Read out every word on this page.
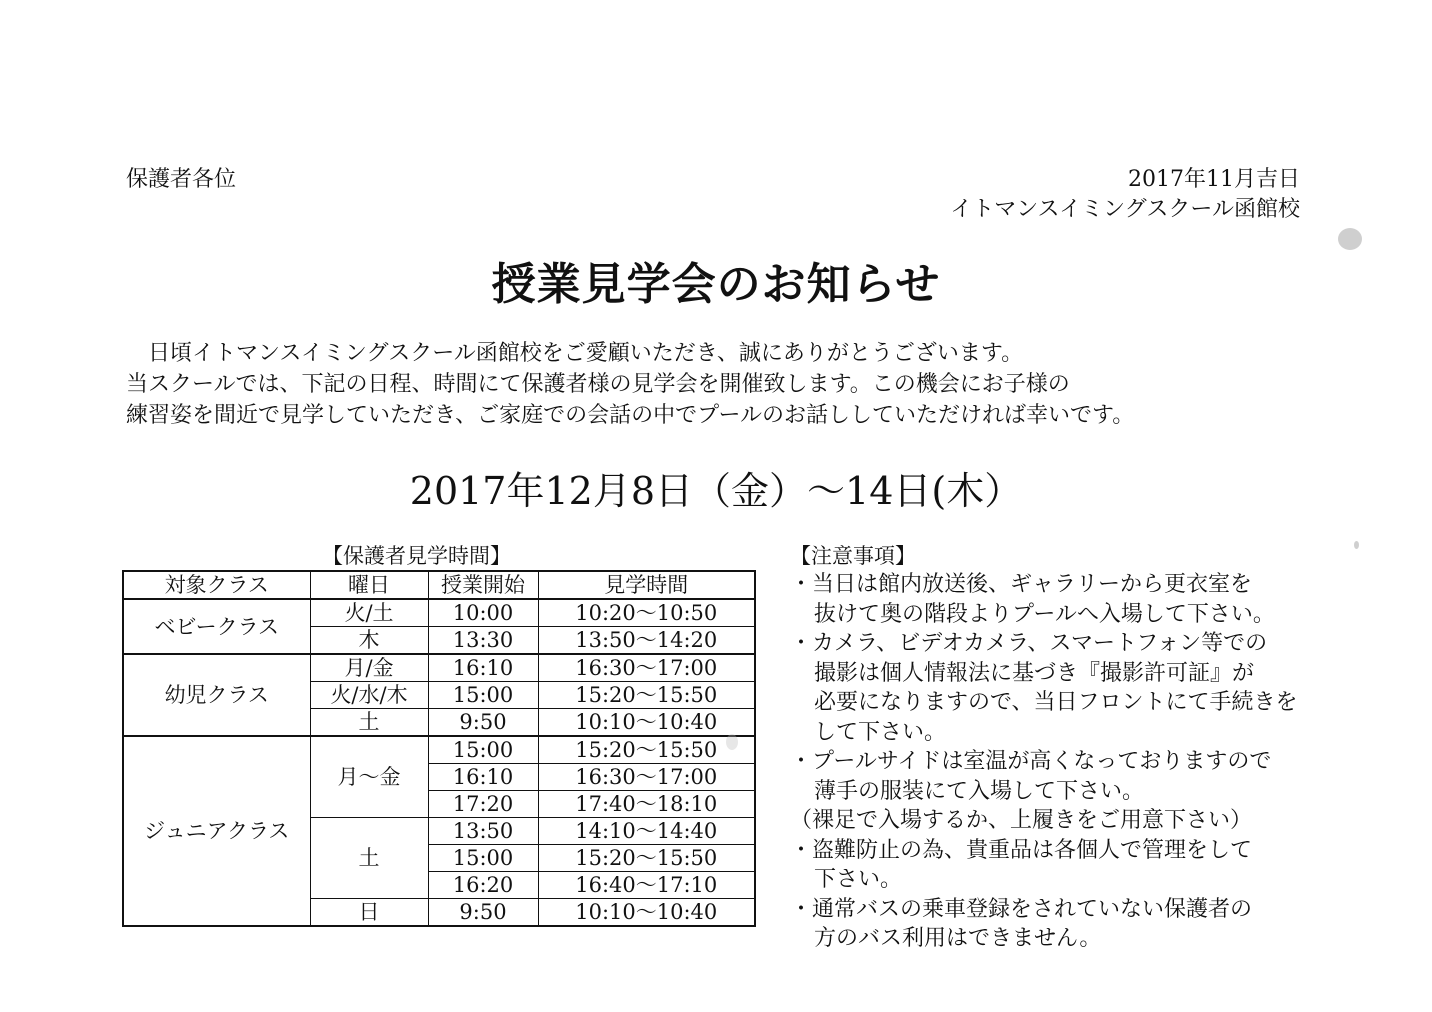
保護者各位	2017年11月吉日
イトマンスイミングスクール函館校
授業見学会のお知らせ
　日頃イトマンスイミングスクール函館校をご愛顧いただき、誠にありがとうございます。
当スクールでは、下記の日程、時間にて保護者様の見学会を開催致します。この機会にお子様の
練習姿を間近で見学していただき、ご家庭での会話の中でプールのお話ししていただければ幸いです。
2017年12月8日（金）～14日(木）
【保護者見学時間】
対象クラス	曜日	授業開始	見学時間
ベビークラス	火/土	10:00	10:20～10:50
	木	13:30	13:50～14:20
幼児クラス	月/金	16:10	16:30～17:00
	火/水/木	15:00	15:20～15:50
	土	9:50	10:10～10:40
ジュニアクラス	月～金	15:00	15:20～15:50
		16:10	16:30～17:00
		17:20	17:40～18:10
	土	13:50	14:10～14:40
		15:00	15:20～15:50
		16:20	16:40～17:10
	日	9:50	10:10～10:40
【注意事項】
・当日は館内放送後、ギャラリーから更衣室を
抜けて奥の階段よりプールへ入場して下さい。
・カメラ、ビデオカメラ、スマートフォン等での
撮影は個人情報法に基づき『撮影許可証』が
必要になりますので、当日フロントにて手続きを
して下さい。
・プールサイドは室温が高くなっておりますので
薄手の服装にて入場して下さい。
（裸足で入場するか、上履きをご用意下さい）
・盗難防止の為、貴重品は各個人で管理をして
下さい。
・通常バスの乗車登録をされていない保護者の
方のバス利用はできません。
